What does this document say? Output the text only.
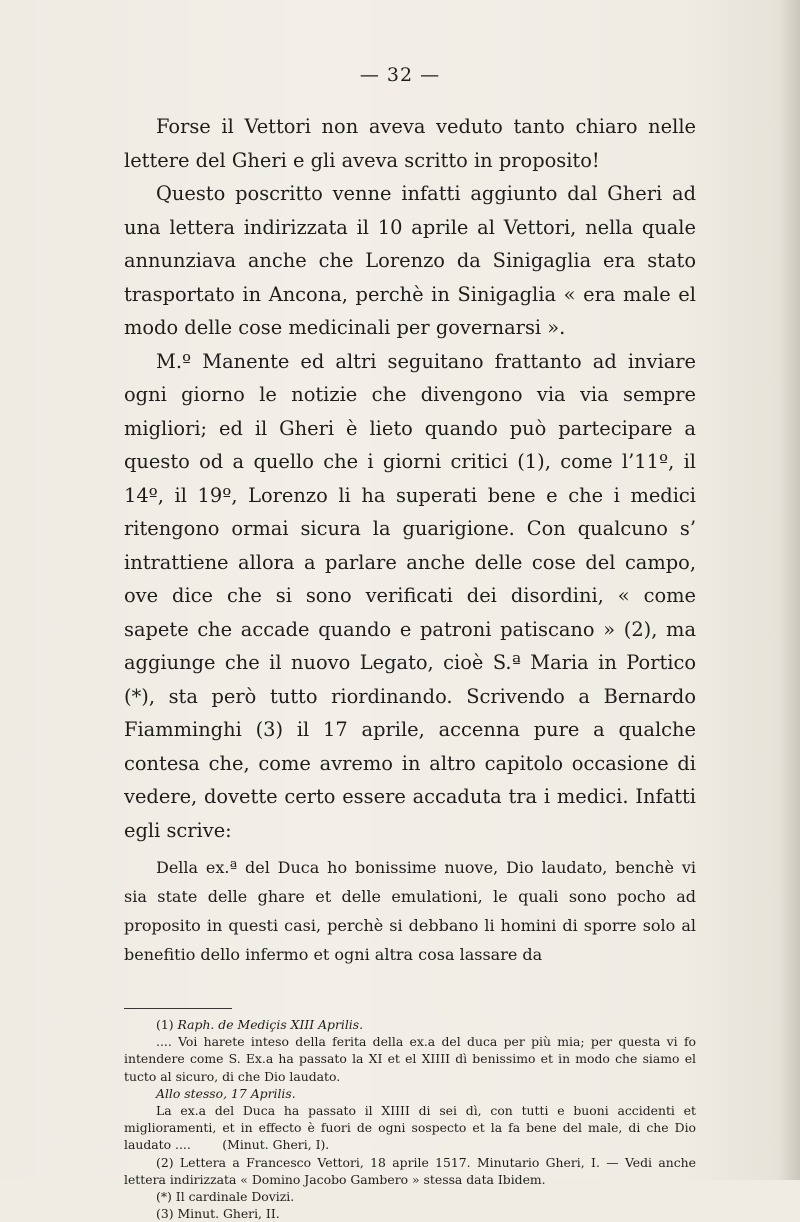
— 32 —

Forse il Vettori non aveva veduto tanto chiaro nelle lettere del Gheri e gli aveva scritto in proposito!

Questo poscritto venne infatti aggiunto dal Gheri ad una lettera indirizzata il 10 aprile al Vettori, nella quale annunziava anche che Lorenzo da Sinigaglia era stato trasportato in Ancona, perchè in Sinigaglia « era male el modo delle cose medicinali per governarsi ».

M.º Manente ed altri seguitano frattanto ad inviare ogni giorno le notizie che divengono via via sempre migliori; ed il Gheri è lieto quando può partecipare a questo od a quello che i giorni critici (1), come l’11º, il 14º, il 19º, Lorenzo li ha superati bene e che i medici ritengono ormai sicura la guarigione. Con qualcuno s’ intrattiene allora a parlare anche delle cose del campo, ove dice che si sono verificati dei disordini, « come sapete che accade quando e patroni patiscano » (2), ma aggiunge che il nuovo Legato, cioè S.ª Maria in Portico (*), sta però tutto riordinando. Scrivendo a Bernardo Fiamminghi (3) il 17 aprile, accenna pure a qualche contesa che, come avremo in altro capitolo occasione di vedere, dovette certo essere accaduta tra i medici. Infatti egli scrive:

Della ex.ª del Duca ho bonissime nuove, Dio laudato, benchè vi sia state delle ghare et delle emulationi, le quali sono pocho ad proposito in questi casi, perchè si debbano li homini di sporre solo al benefitio dello infermo et ogni altra cosa lassare da

(1) Raph. de Mediçis XIII Aprilis.

.... Voi harete inteso della ferita della ex.a del duca per più mia; per questa vi fo intendere come S. Ex.a ha passato la XI et el XIIII dì benissimo et in modo che siamo el tucto al sicuro, di che Dio laudato.

Allo stesso, 17 Aprilis.

La ex.a del Duca ha passato il XIIII di sei dì, con tutti e buoni accidenti et miglioramenti, et in effecto è fuori de ogni sospecto et la fa bene del male, di che Dio laudato ....	(Minut. Gheri, I).

(2) Lettera a Francesco Vettori, 18 aprile 1517. Minutario Gheri, I. — Vedi anche lettera indirizzata « Domino Jacobo Gambero » stessa data Ibidem.

(*) Il cardinale Dovizi.

(3) Minut. Gheri, II.
